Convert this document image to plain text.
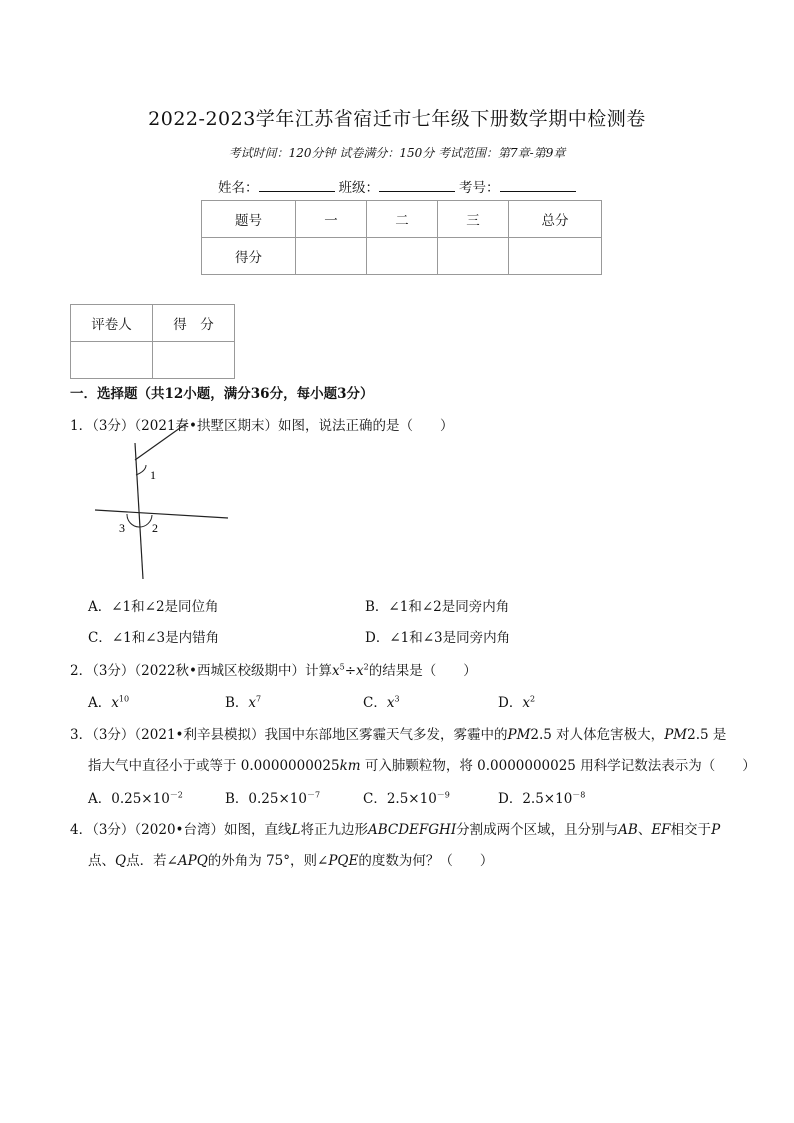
2022-2023学年江苏省宿迁市七年级下册数学期中检测卷
考试时间：120分钟 试卷满分：150分 考试范围：第7章-第9章
姓名：	班级：	考号：
题号	一	二	三	总分
得分				
评卷人	得　分

一．选择题（共12小题，满分36分，每小题3分）
1．（3分）（2021春•拱墅区期末）如图，说法正确的是（　　）
1
3 2
A．∠1和∠2是同位角	B．∠1和∠2是同旁内角
C．∠1和∠3是内错角	D．∠1和∠3是同旁内角
2．（3分）（2022秋•西城区校级期中）计算$x^5\div x^2$的结果是（　　）
A．$x^{10}$	B．$x^7$	C．$x^3$	D．$x^2$
3．（3分）（2021•利辛县模拟）我国中东部地区雾霾天气多发，雾霾中的PM2.5 对人体危害极大，PM2.5 是
指大气中直径小于或等于 0.0000000025km 可入肺颗粒物，将 0.0000000025 用科学记数法表示为（　　）
A．$0.25\times 10^{-2}$	B．$0.25\times 10^{-7}$	C．$2.5\times 10^{-9}$	D．$2.5\times 10^{-8}$
4．（3分）（2020•台湾）如图，直线L将正九边形ABCDEFGHI分割成两个区域，且分别与AB、EF相交于P
点、Q点．若∠APQ的外角为 75°，则∠PQE的度数为何？（　　）
